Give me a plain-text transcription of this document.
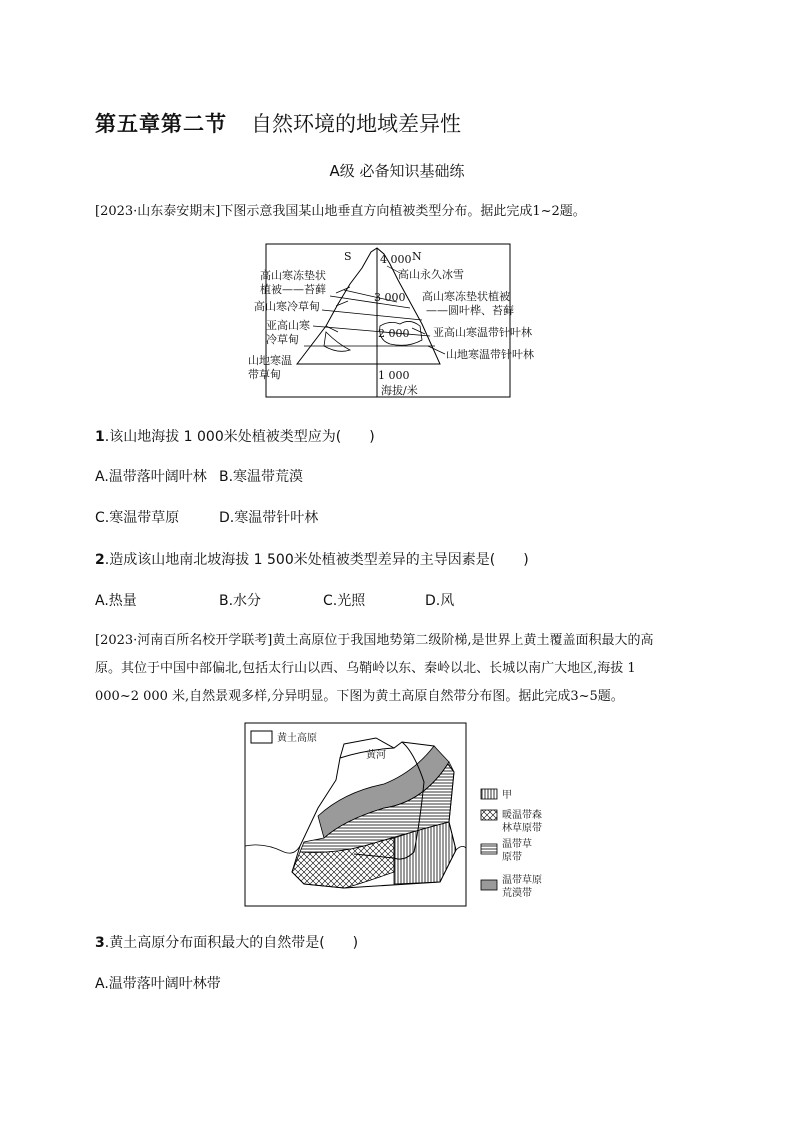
第五章第二节 自然环境的地域差异性
A级 必备知识基础练
[2023·山东泰安期末]下图示意我国某山地垂直方向植被类型分布。据此完成1~2题。
S	4 000 N
3 000
2 000
1 000
海拔/米
高山寒冻垫状
植被——苔藓
高山寒冷草甸
亚高山寒
冷草甸
山地寒温
带草甸
高山永久冰雪
高山寒冻垫状植被
——圆叶桦、苔藓
亚高山寒温带针叶林
山地寒温带针叶林
1.该山地海拔 1 000米处植被类型应为(　　)
A.温带落叶阔叶林 B.寒温带荒漠
C.寒温带草原	D.寒温带针叶林
2.造成该山地南北坡海拔 1 500米处植被类型差异的主导因素是(　　)
A.热量	B.水分	C.光照	D.风
[2023·河南百所名校开学联考]黄土高原位于我国地势第二级阶梯,是世界上黄土覆盖面积最大的高
原。其位于中国中部偏北,包括太行山以西、乌鞘岭以东、秦岭以北、长城以南广大地区,海拔 1
000~2 000 米,自然景观多样,分异明显。下图为黄土高原自然带分布图。据此完成3~5题。
黄土高原
黄河
甲
暖温带森
林草原带
温带草
原带
温带草原
荒漠带
3.黄土高原分布面积最大的自然带是(　　)
A.温带落叶阔叶林带
